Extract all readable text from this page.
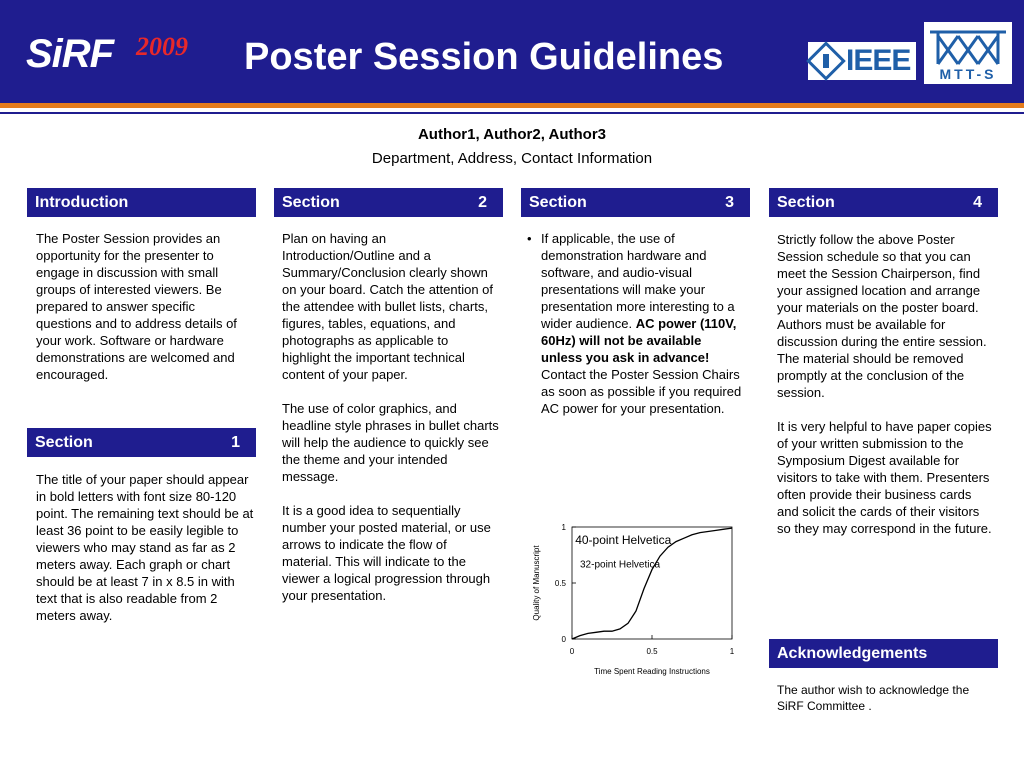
SiRF 2009 Poster Session Guidelines	IEEE	MTT-S
Author1, Author2, Author3
Department, Address, Contact Information
Introduction
The Poster Session provides an opportunity for the presenter to engage in discussion with small groups of interested viewers. Be prepared to answer specific questions and to address details of your work. Software or hardware demonstrations are welcomed and encouraged.
Section	1
The title of your paper should appear in bold letters with font size 80-120 point. The remaining text should be at least 36 point to be easily legible to viewers who may stand as far as 2 meters away. Each graph or chart should be at least 7 in x 8.5 in with text that is also readable from 2 meters away.
Section	2

Plan on having an Introduction/Outline and a Summary/Conclusion clearly shown on your board. Catch the attention of the attendee with bullet lists, charts, figures, tables, equations, and photographs as applicable to highlight the important technical content of your paper.

The use of color graphics, and headline style phrases in bullet charts will help the audience to quickly see the theme and your intended message.

It is a good idea to sequentially number your posted material, or use arrows to indicate the flow of material. This will indicate to the viewer a logical progression through your presentation.

Section	3
• If applicable, the use of demonstration hardware and software, and audio-visual presentations will make your presentation more interesting to a wider audience. AC power (110V, 60Hz) will not be available unless you ask in advance! Contact the Poster Session Chairs as soon as possible if you required AC power for your presentation.
0
0.5
1
0	0.5	1
Time Spent Reading Instructions
Quality of Manuscript
40-point Helvetica
32-point Helvetica
Section	4

Strictly follow the above Poster Session schedule so that you can meet the Session Chairperson, find your assigned location and arrange your materials on the poster board. Authors must be available for discussion during the entire session. The material should be removed promptly at the conclusion of the session.

It is very helpful to have paper copies of your written submission to the Symposium Digest available for visitors to take with them. Presenters often provide their business cards and solicit the cards of their visitors so they may correspond in the future.

Acknowledgements
The author wish to acknowledge the SiRF Committee .
